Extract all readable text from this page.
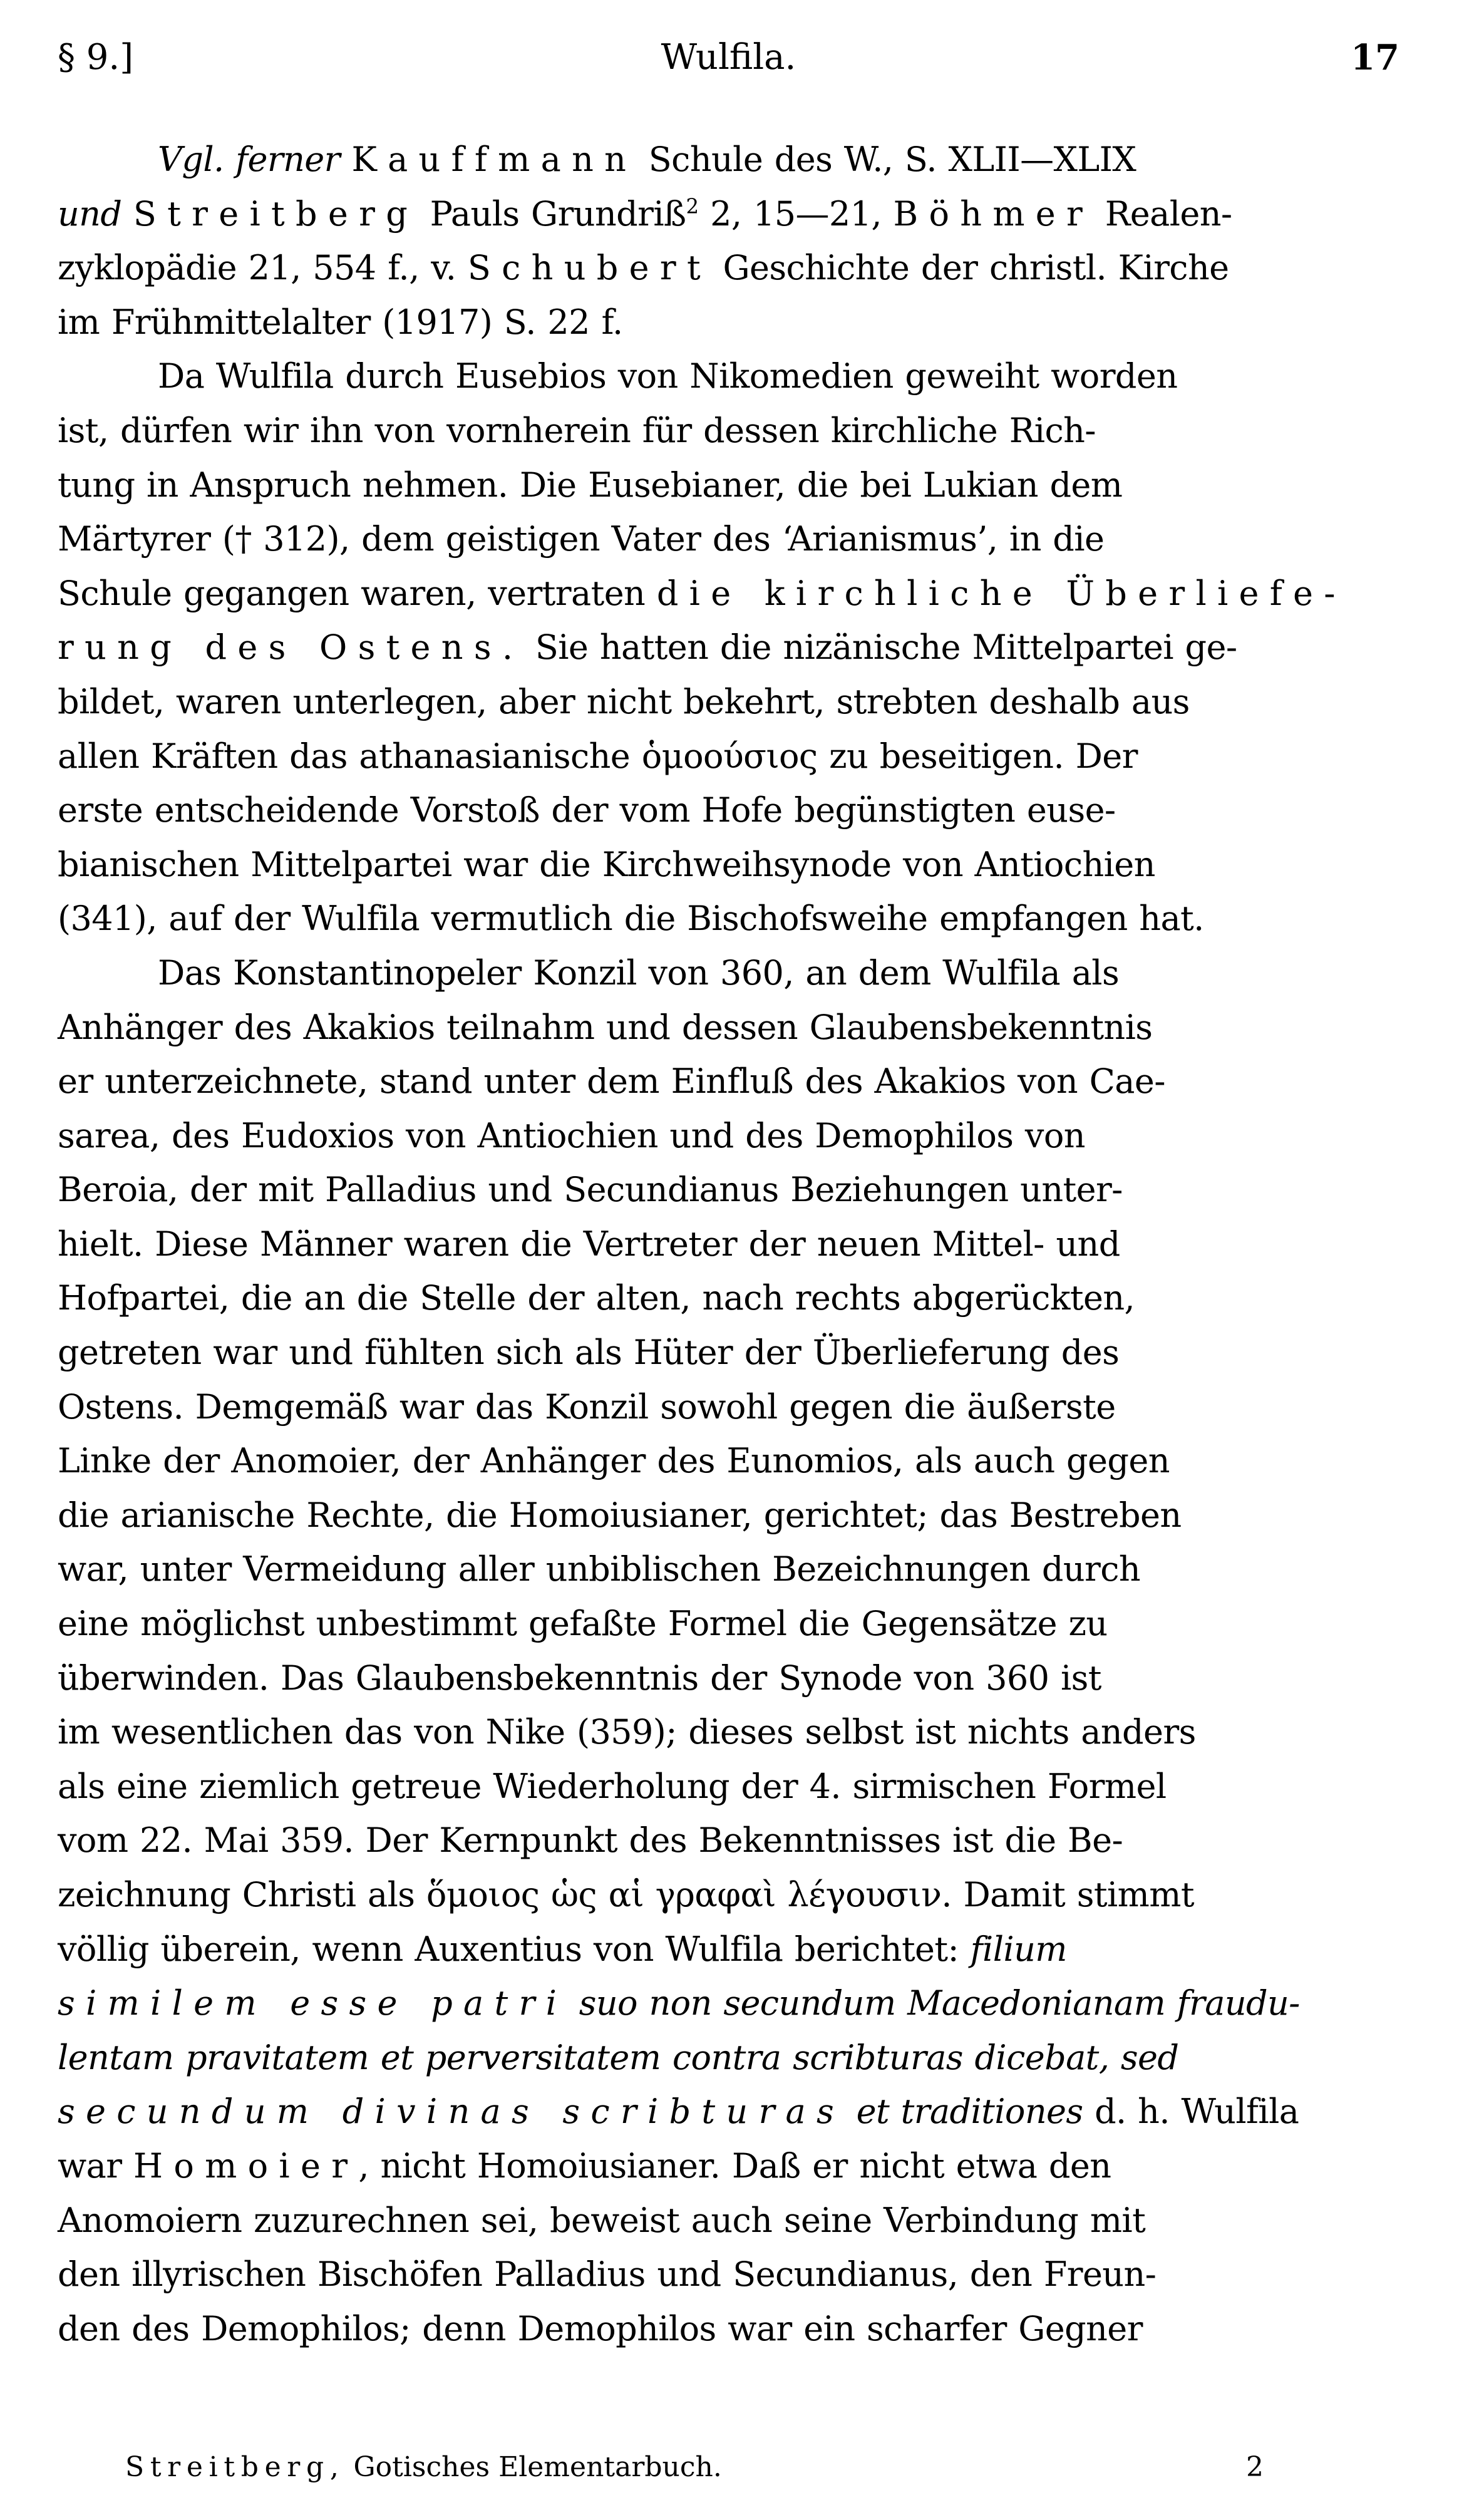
§ 9.]	Wulfila.	17
Vgl. ferner Kauffmann Schule des W., S. XLII—XLIX
und Streitberg Pauls Grundriß$^2$ 2, 15—21, Böhmer Realen-
zyklopädie 21, 554 f., v. Schubert Geschichte der christl. Kirche
im Frühmittelalter (1917) S. 22 f.
Da Wulfila durch Eusebios von Nikomedien geweiht worden
ist, dürfen wir ihn von vornherein für dessen kirchliche Rich-
tung in Anspruch nehmen. Die Eusebianer, die bei Lukian dem
Märtyrer († 312), dem geistigen Vater des ‘Arianismus’, in die
Schule gegangen waren, vertraten die kirchliche Überliefe-
rung des Ostens. Sie hatten die nizänische Mittelpartei ge-
bildet, waren unterlegen, aber nicht bekehrt, strebten deshalb aus
allen Kräften das athanasianische ὁμοούσιος zu beseitigen. Der
erste entscheidende Vorstoß der vom Hofe begünstigten euse-
bianischen Mittelpartei war die Kirchweihsynode von Antiochien
(341), auf der Wulfila vermutlich die Bischofsweihe empfangen hat.
Das Konstantinopeler Konzil von 360, an dem Wulfila als
Anhänger des Akakios teilnahm und dessen Glaubensbekenntnis
er unterzeichnete, stand unter dem Einfluß des Akakios von Cae-
sarea, des Eudoxios von Antiochien und des Demophilos von
Beroia, der mit Palladius und Secundianus Beziehungen unter-
hielt. Diese Männer waren die Vertreter der neuen Mittel- und
Hofpartei, die an die Stelle der alten, nach rechts abgerückten,
getreten war und fühlten sich als Hüter der Überlieferung des
Ostens. Demgemäß war das Konzil sowohl gegen die äußerste
Linke der Anomoier, der Anhänger des Eunomios, als auch gegen
die arianische Rechte, die Homoiusianer, gerichtet; das Bestreben
war, unter Vermeidung aller unbiblischen Bezeichnungen durch
eine möglichst unbestimmt gefaßte Formel die Gegensätze zu
überwinden. Das Glaubensbekenntnis der Synode von 360 ist
im wesentlichen das von Nike (359); dieses selbst ist nichts anders
als eine ziemlich getreue Wiederholung der 4. sirmischen Formel
vom 22. Mai 359. Der Kernpunkt des Bekenntnisses ist die Be-
zeichnung Christi als ὅμοιος ὡς αἱ γραφαὶ λέγουσιν. Damit stimmt
völlig überein, wenn Auxentius von Wulfila berichtet: filium
similem esse patri suo non secundum Macedonianam fraudu-
lentam pravitatem et perversitatem contra scribturas dicebat, sed
secundum divinas scribturas et traditiones d. h. Wulfila
war Homoier, nicht Homoiusianer. Daß er nicht etwa den
Anomoiern zuzurechnen sei, beweist auch seine Verbindung mit
den illyrischen Bischöfen Palladius und Secundianus, den Freun-
den des Demophilos; denn Demophilos war ein scharfer Gegner
Streitberg, Gotisches Elementarbuch.	2
